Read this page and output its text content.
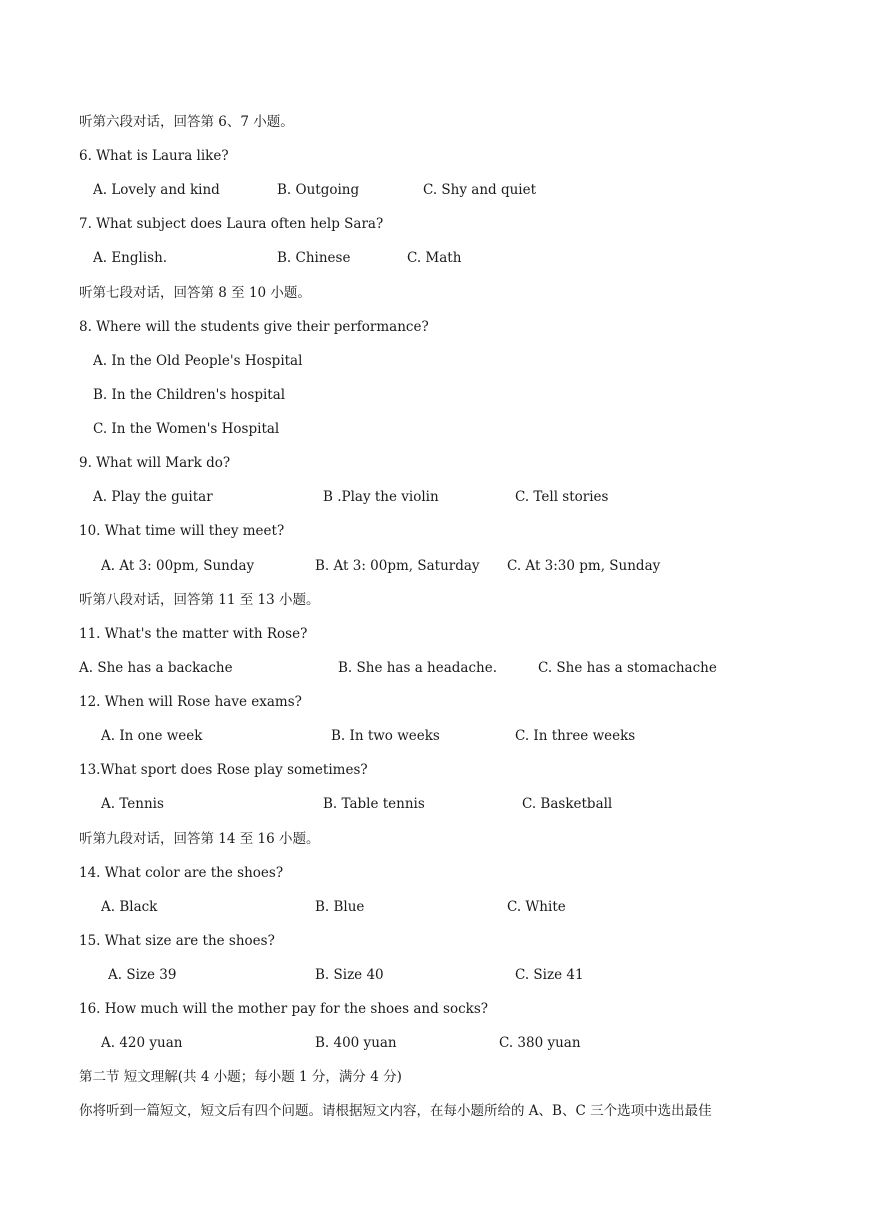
听第六段对话，回答第 6、7 小题。
6. What is Laura like?
A. Lovely and kind	B. Outgoing	C. Shy and quiet
7. What subject does Laura often help Sara?
A. English.	B. Chinese	C. Math
听第七段对话，回答第 8 至 10 小题。
8. Where will the students give their performance?
A. In the Old People's Hospital
B. In the Children's hospital
C. In the Women's Hospital
9. What will Mark do?
A. Play the guitar	B .Play the violin	C. Tell stories
10. What time will they meet?
A. At 3: 00pm, Sunday	B. At 3: 00pm, Saturday C. At 3:30 pm, Sunday
听第八段对话，回答第 11 至 13 小题。
11. What's the matter with Rose?
A. She has a backache	B. She has a headache.	C. She has a stomachache
12. When will Rose have exams?
A. In one week	B. In two weeks	C. In three weeks
13.What sport does Rose play sometimes?
A. Tennis	B. Table tennis	C. Basketball
听第九段对话，回答第 14 至 16 小题。
14. What color are the shoes?
A. Black	B. Blue	C. White
15. What size are the shoes?
A. Size 39	B. Size 40	C. Size 41
16. How much will the mother pay for the shoes and socks?
A. 420 yuan	B. 400 yuan	C. 380 yuan
第二节 短文理解(共 4 小题；每小题 1 分，满分 4 分)
你将听到一篇短文，短文后有四个问题。请根据短文内容，在每小题所给的 A、B、C 三个选项中选出最佳
